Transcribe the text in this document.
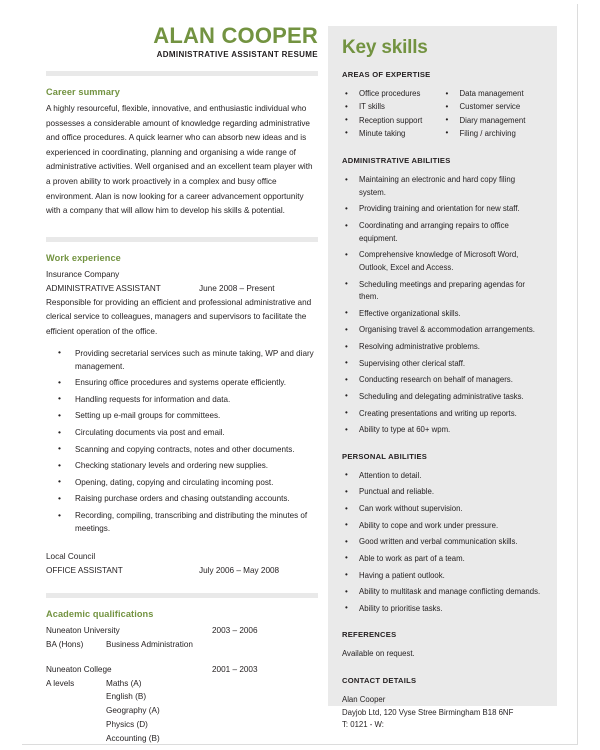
Key skills
AREAS OF EXPERTISE
• Office procedures
• IT skills
• Reception support
• Minute taking
• Data management
• Customer service
• Diary management
• Filing / archiving
ADMINISTRATIVE ABILITIES
• Maintaining an electronic and hard copy filing system.
• Providing training and orientation for new staff.
• Coordinating and arranging repairs to office equipment.
• Comprehensive knowledge of Microsoft Word, Outlook, Excel and Access.
• Scheduling meetings and preparing agendas for them.
• Effective organizational skills.
• Organising travel & accommodation arrangements.
• Resolving administrative problems.
• Supervising other clerical staff.
• Conducting research on behalf of managers.
• Scheduling and delegating administrative tasks.
• Creating presentations and writing up reports.
• Ability to type at 60+ wpm.
PERSONAL ABILITIES
• Attention to detail.
• Punctual and reliable.
• Can work without supervision.
• Ability to cope and work under pressure.
• Good written and verbal communication skills.
• Able to work as part of a team.
• Having a patient outlook.
• Ability to multitask and manage conflicting demands.
• Ability to prioritise tasks.
REFERENCES

Available on request.

CONTACT DETAILS

Alan Cooper

Dayjob Ltd, 120 Vyse Stree Birmingham B18 6NF

T: 0121 - W:

ALAN COOPER

ADMINISTRATIVE ASSISTANT RESUME

Career summary

A highly resourceful, flexible, innovative, and enthusiastic individual who possesses a considerable amount of knowledge regarding administrative and office procedures. A quick learner who can absorb new ideas and is experienced in coordinating, planning and organising a wide range of administrative activities. Well organised and an excellent team player with a proven ability to work proactively in a complex and busy office environment. Alan is now looking for a career advancement opportunity with a company that will allow him to develop his skills & potential.

Work experience

Insurance Company

ADMINISTRATIVE ASSISTANT	June 2008 – Present

Responsible for providing an efficient and professional administrative and clerical service to colleagues, managers and supervisors to facilitate the efficient operation of the office.

• Providing secretarial services such as minute taking, WP and diary management.
• Ensuring office procedures and systems operate efficiently.
• Handling requests for information and data.
• Setting up e-mail groups for committees.
• Circulating documents via post and email.
• Scanning and copying contracts, notes and other documents.
• Checking stationary levels and ordering new supplies.
• Opening, dating, copying and circulating incoming post.
• Raising purchase orders and chasing outstanding accounts.
• Recording, compiling, transcribing and distributing the minutes of meetings.

Local Council

OFFICE ASSISTANT	July 2006 – May 2008
Academic qualifications
Nuneaton University	2003 – 2006
BA (Hons)	Business Administration
Nuneaton College	2001 – 2003
A levels	Maths (A)
English (B)
Geography (A)
Physics (D)
Accounting (B)
